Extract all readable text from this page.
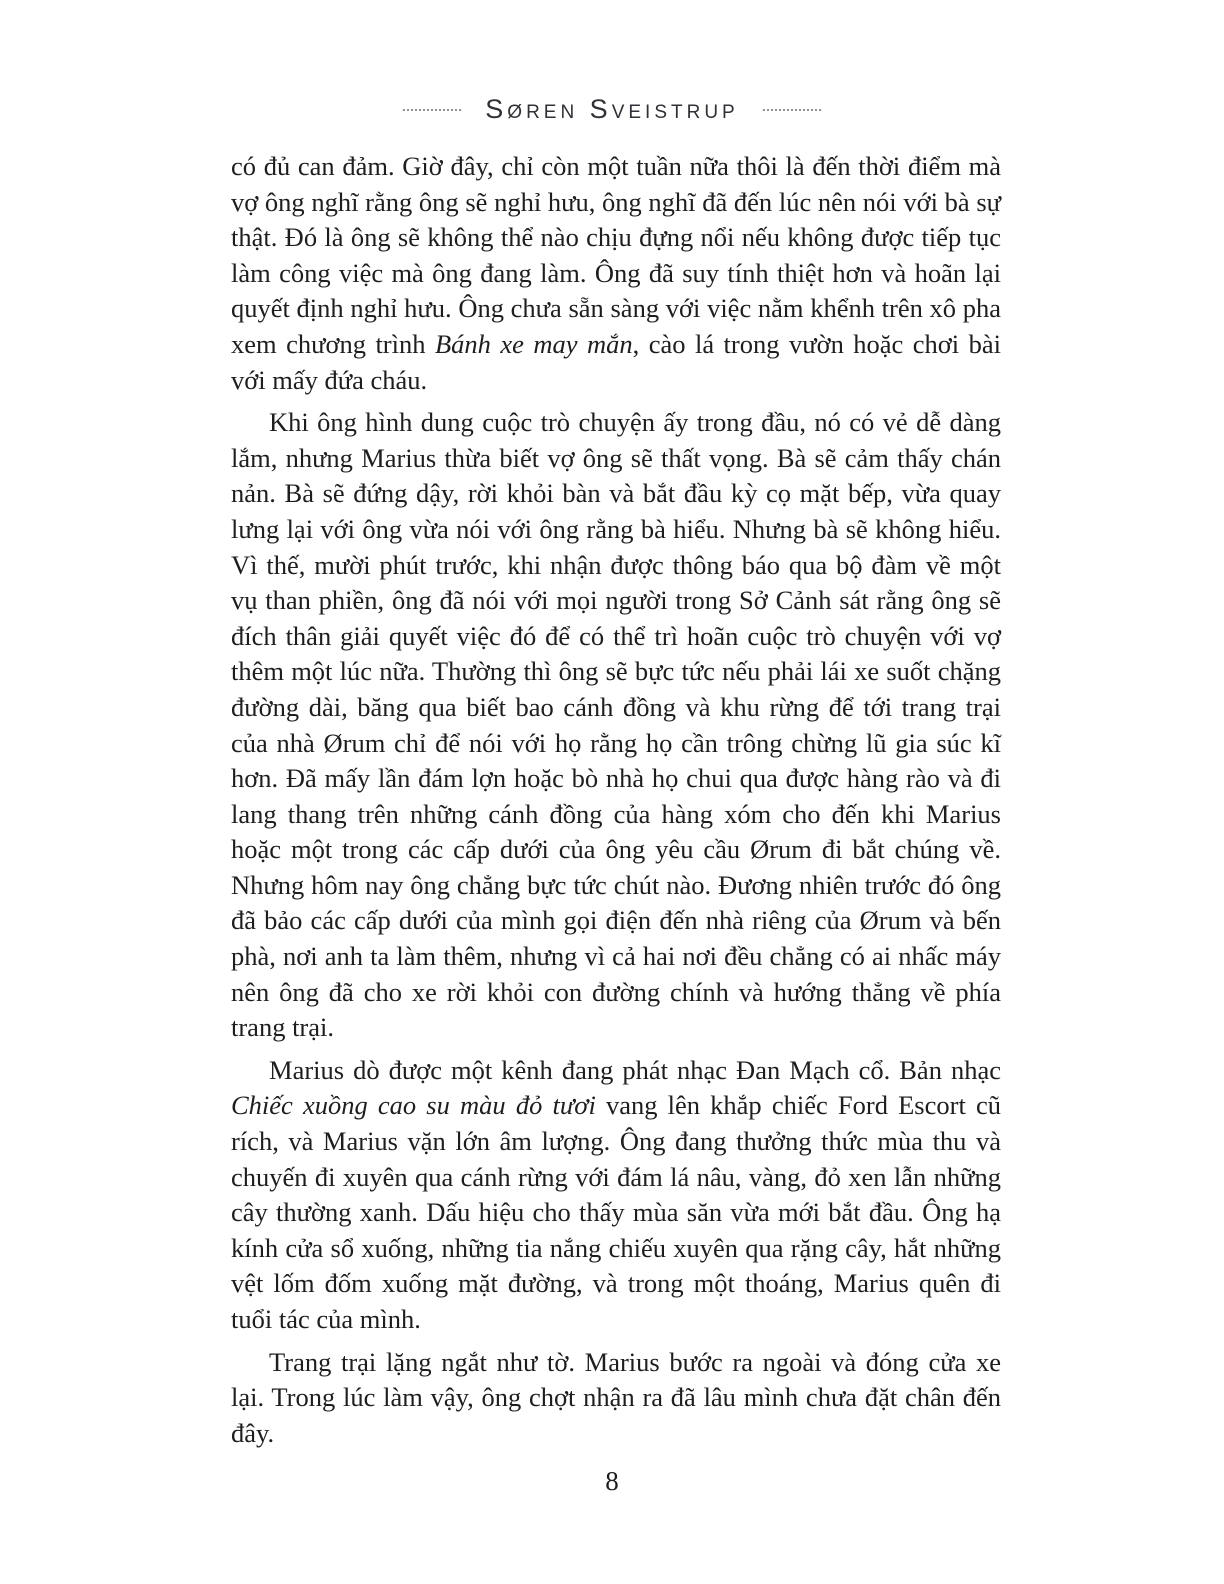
Søren Sveistrup

có đủ can đảm. Giờ đây, chỉ còn một tuần nữa thôi là đến thời điểm mà vợ ông nghĩ rằng ông sẽ nghỉ hưu, ông nghĩ đã đến lúc nên nói với bà sự thật. Đó là ông sẽ không thể nào chịu đựng nổi nếu không được tiếp tục làm công việc mà ông đang làm. Ông đã suy tính thiệt hơn và hoãn lại quyết định nghỉ hưu. Ông chưa sẵn sàng với việc nằm khểnh trên xô pha xem chương trình Bánh xe may mắn, cào lá trong vườn hoặc chơi bài với mấy đứa cháu.

Khi ông hình dung cuộc trò chuyện ấy trong đầu, nó có vẻ dễ dàng lắm, nhưng Marius thừa biết vợ ông sẽ thất vọng. Bà sẽ cảm thấy chán nản. Bà sẽ đứng dậy, rời khỏi bàn và bắt đầu kỳ cọ mặt bếp, vừa quay lưng lại với ông vừa nói với ông rằng bà hiểu. Nhưng bà sẽ không hiểu. Vì thế, mười phút trước, khi nhận được thông báo qua bộ đàm về một vụ than phiền, ông đã nói với mọi người trong Sở Cảnh sát rằng ông sẽ đích thân giải quyết việc đó để có thể trì hoãn cuộc trò chuyện với vợ thêm một lúc nữa. Thường thì ông sẽ bực tức nếu phải lái xe suốt chặng đường dài, băng qua biết bao cánh đồng và khu rừng để tới trang trại của nhà Ørum chỉ để nói với họ rằng họ cần trông chừng lũ gia súc kĩ hơn. Đã mấy lần đám lợn hoặc bò nhà họ chui qua được hàng rào và đi lang thang trên những cánh đồng của hàng xóm cho đến khi Marius hoặc một trong các cấp dưới của ông yêu cầu Ørum đi bắt chúng về. Nhưng hôm nay ông chẳng bực tức chút nào. Đương nhiên trước đó ông đã bảo các cấp dưới của mình gọi điện đến nhà riêng của Ørum và bến phà, nơi anh ta làm thêm, nhưng vì cả hai nơi đều chẳng có ai nhấc máy nên ông đã cho xe rời khỏi con đường chính và hướng thẳng về phía trang trại.

Marius dò được một kênh đang phát nhạc Đan Mạch cổ. Bản nhạc Chiếc xuồng cao su màu đỏ tươi vang lên khắp chiếc Ford Escort cũ rích, và Marius vặn lớn âm lượng. Ông đang thưởng thức mùa thu và chuyến đi xuyên qua cánh rừng với đám lá nâu, vàng, đỏ xen lẫn những cây thường xanh. Dấu hiệu cho thấy mùa săn vừa mới bắt đầu. Ông hạ kính cửa sổ xuống, những tia nắng chiếu xuyên qua rặng cây, hắt những vệt lốm đốm xuống mặt đường, và trong một thoáng, Marius quên đi tuổi tác của mình.

Trang trại lặng ngắt như tờ. Marius bước ra ngoài và đóng cửa xe lại. Trong lúc làm vậy, ông chợt nhận ra đã lâu mình chưa đặt chân đến đây.

8
